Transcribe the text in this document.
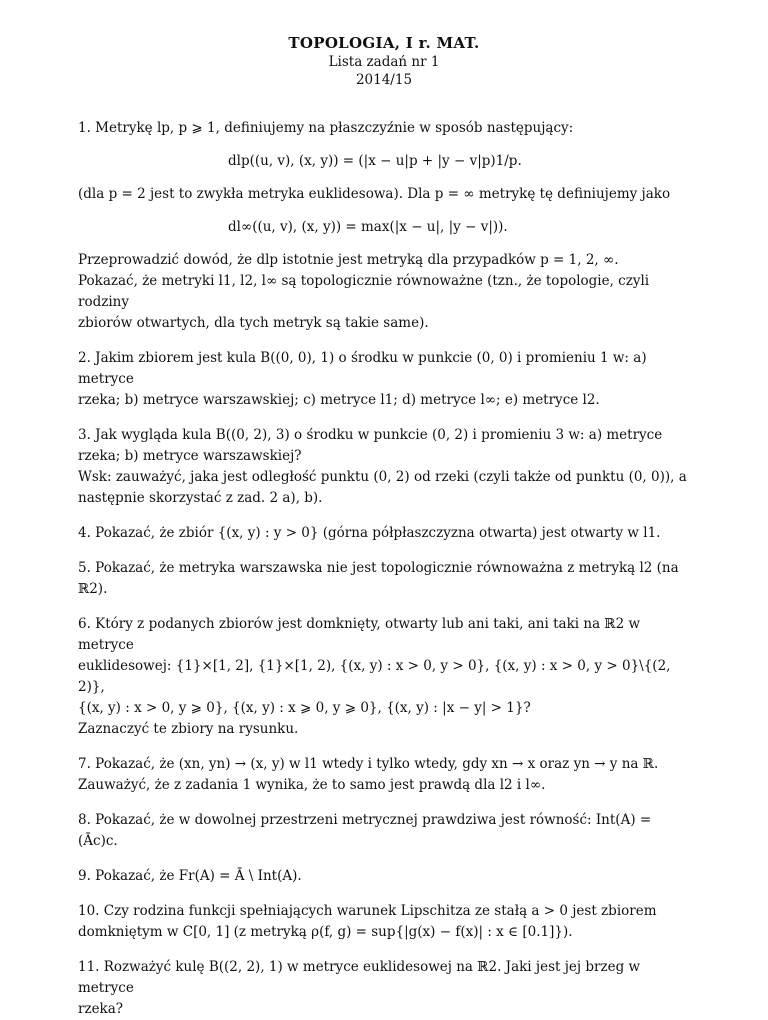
TOPOLOGIA, I r. MAT.
Lista zadań nr 1
2014/15

1. Metrykę lp, p ⩾ 1, definiujemy na płaszczyźnie w sposób następujący:

dlp((u, v), (x, y)) = (|x − u|p + |y − v|p)1/p.

(dla p = 2 jest to zwykła metryka euklidesowa). Dla p = ∞ metrykę tę definiujemy jako

dl∞((u, v), (x, y)) = max(|x − u|, |y − v|)).

Przeprowadzić dowód, że dlp istotnie jest metryką dla przypadków p = 1, 2, ∞.

Pokazać, że metryki l1, l2, l∞ są topologicznie równoważne (tzn., że topologie, czyli rodziny

zbiorów otwartych, dla tych metryk są takie same).

2. Jakim zbiorem jest kula B((0, 0), 1) o środku w punkcie (0, 0) i promieniu 1 w: a) metryce

rzeka; b) metryce warszawskiej; c) metryce l1; d) metryce l∞; e) metryce l2.

3. Jak wygląda kula B((0, 2), 3) o środku w punkcie (0, 2) i promieniu 3 w: a) metryce

rzeka; b) metryce warszawskiej?

Wsk: zauważyć, jaka jest odległość punktu (0, 2) od rzeki (czyli także od punktu (0, 0)), a

następnie skorzystać z zad. 2 a), b).

4. Pokazać, że zbiór {(x, y) : y > 0} (górna półpłaszczyzna otwarta) jest otwarty w l1.

5. Pokazać, że metryka warszawska nie jest topologicznie równoważna z metryką l2 (na ℝ2).

6. Który z podanych zbiorów jest domknięty, otwarty lub ani taki, ani taki na ℝ2 w metryce

euklidesowej: {1}×[1, 2], {1}×[1, 2), {(x, y) : x > 0, y > 0}, {(x, y) : x > 0, y > 0}\{(2, 2)},

{(x, y) : x > 0, y ⩾ 0}, {(x, y) : x ⩾ 0, y ⩾ 0}, {(x, y) : |x − y| > 1}?

Zaznaczyć te zbiory na rysunku.

7. Pokazać, że (xn, yn) → (x, y) w l1 wtedy i tylko wtedy, gdy xn → x oraz yn → y na ℝ.

Zauważyć, że z zadania 1 wynika, że to samo jest prawdą dla l2 i l∞.

8. Pokazać, że w dowolnej przestrzeni metrycznej prawdziwa jest równość: Int(A) = (Āc)c.

9. Pokazać, że Fr(A) = Ā \ Int(A).

10. Czy rodzina funkcji spełniających warunek Lipschitza ze stałą a > 0 jest zbiorem

domkniętym w C[0, 1] (z metryką ρ(f, g) = sup{|g(x) − f(x)| : x ∈ [0.1]}).

11. Rozważyć kulę B((2, 2), 1) w metryce euklidesowej na ℝ2. Jaki jest jej brzeg w metryce

rzeka?
